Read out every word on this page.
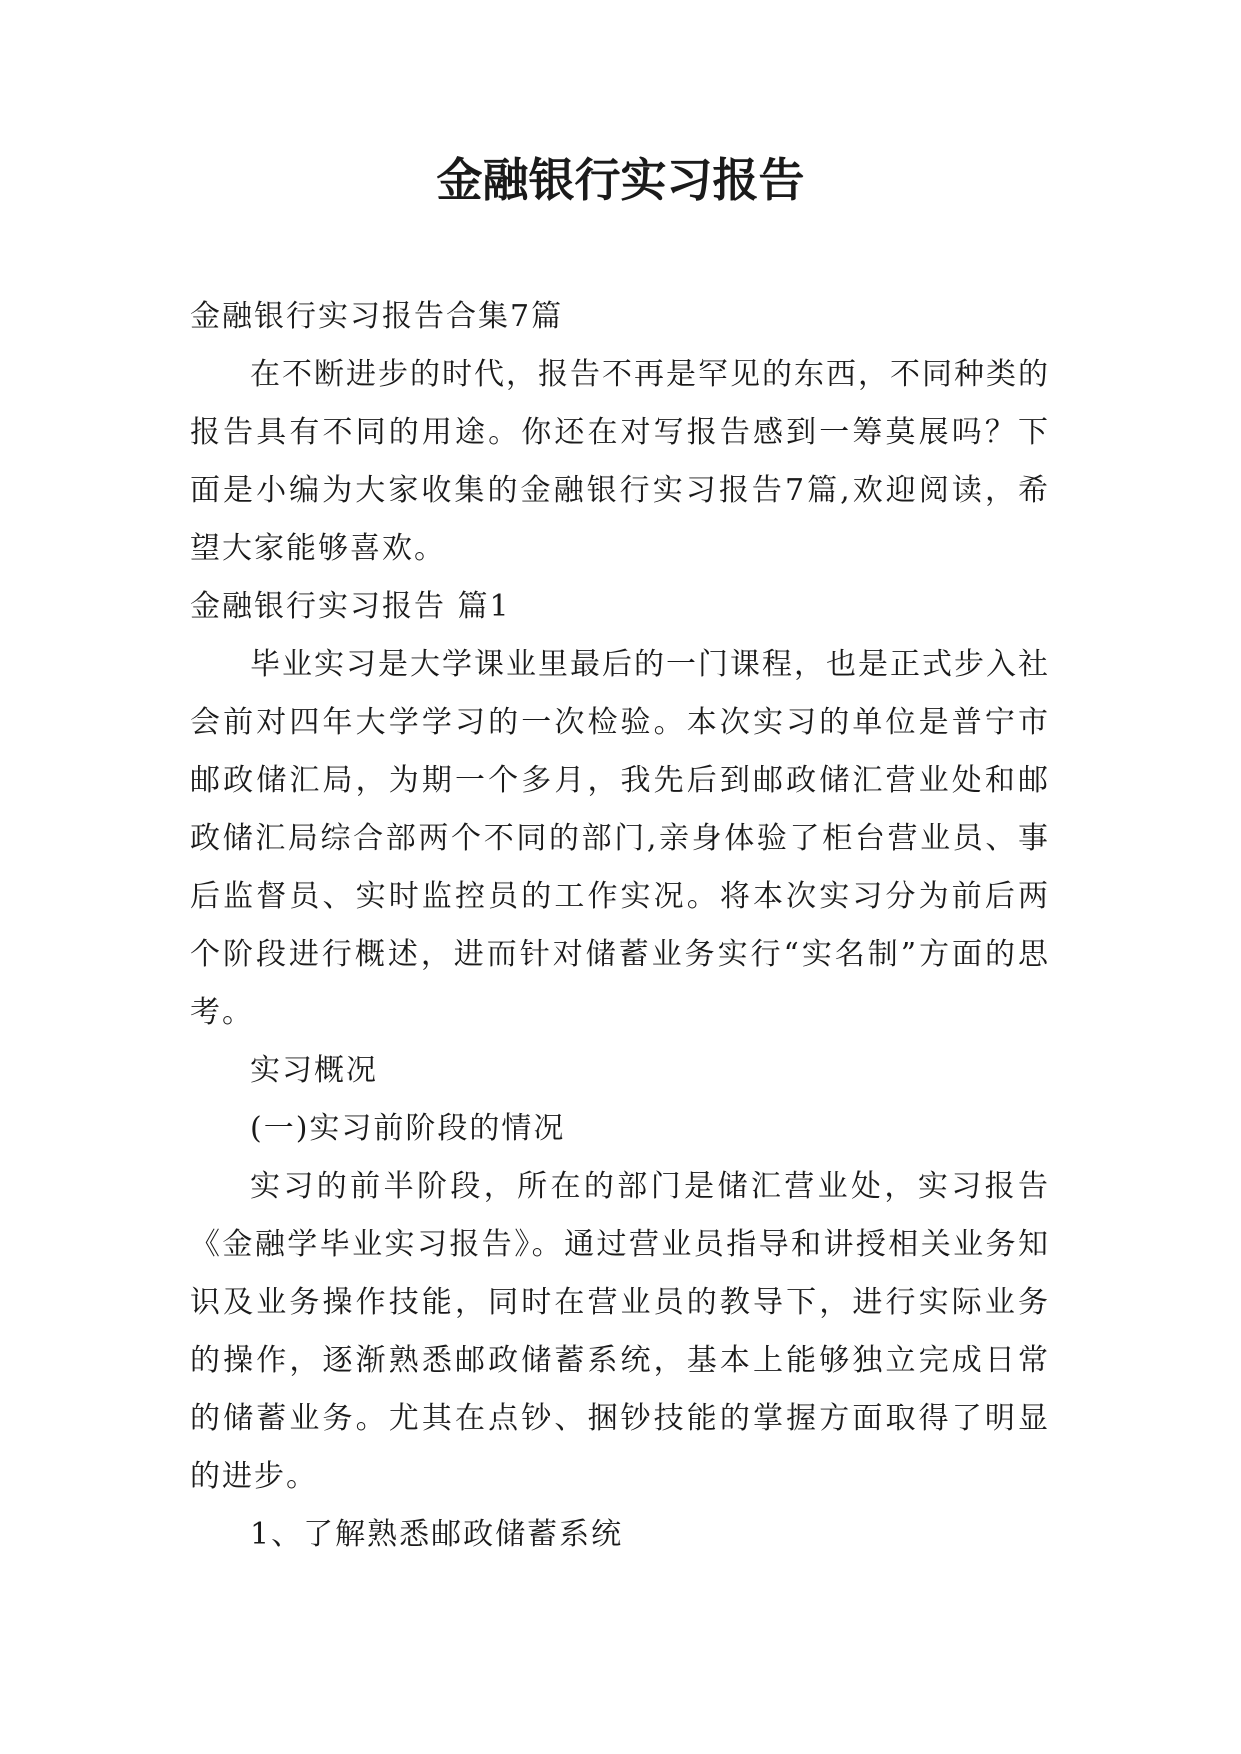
金融银行实习报告

金融银行实习报告合集7篇

在不断进步的时代，报告不再是罕见的东西，不同种类的报告具有不同的用途。你还在对写报告感到一筹莫展吗？下面是小编为大家收集的金融银行实习报告7篇,欢迎阅读，希望大家能够喜欢。

金融银行实习报告 篇1

毕业实习是大学课业里最后的一门课程，也是正式步入社会前对四年大学学习的一次检验。本次实习的单位是普宁市邮政储汇局，为期一个多月，我先后到邮政储汇营业处和邮政储汇局综合部两个不同的部门,亲身体验了柜台营业员、事后监督员、实时监控员的工作实况。将本次实习分为前后两个阶段进行概述，进而针对储蓄业务实行“实名制”方面的思考。

实习概况

(一)实习前阶段的情况

实习的前半阶段，所在的部门是储汇营业处，实习报告《金融学毕业实习报告》。通过营业员指导和讲授相关业务知识及业务操作技能，同时在营业员的教导下，进行实际业务的操作，逐渐熟悉邮政储蓄系统，基本上能够独立完成日常的储蓄业务。尤其在点钞、捆钞技能的掌握方面取得了明显的进步。

1、了解熟悉邮政储蓄系统
